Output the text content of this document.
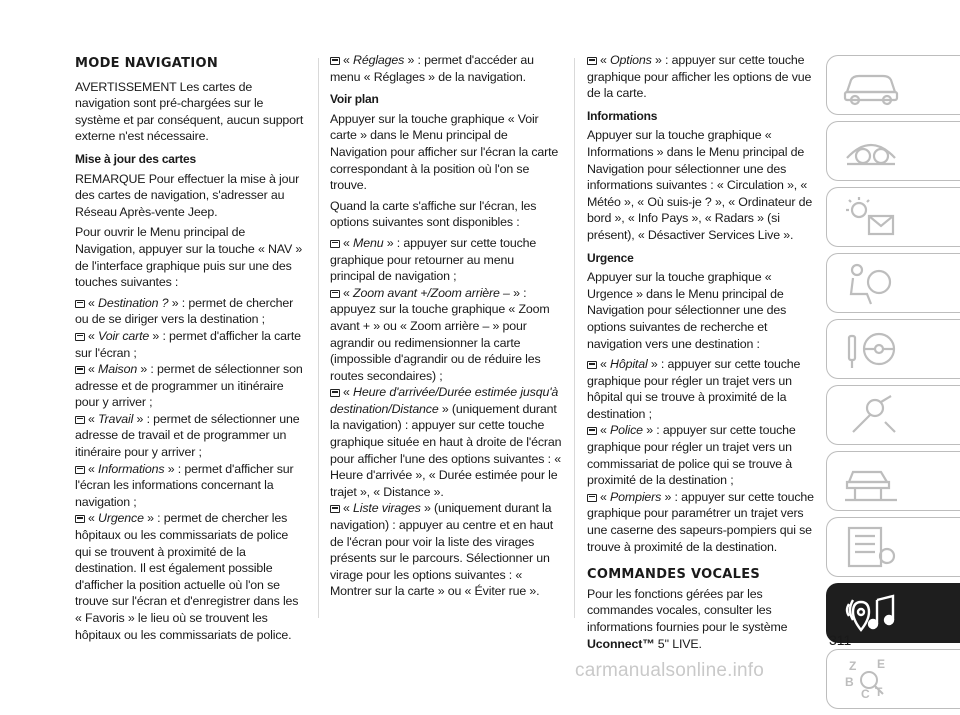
MODE NAVIGATION

AVERTISSEMENT Les cartes de navigation sont pré-chargées sur le système et par conséquent, aucun support externe n'est nécessaire.

Mise à jour des cartes

REMARQUE Pour effectuer la mise à jour des cartes de navigation, s'adresser au Réseau Après-vente Jeep.

Pour ouvrir le Menu principal de Navigation, appuyer sur la touche « NAV » de l'interface graphique puis sur une des touches suivantes :

« Destination ? » : permet de chercher ou de se diriger vers la destination ;
« Voir carte » : permet d'afficher la carte sur l'écran ;
« Maison » : permet de sélectionner son adresse et de programmer un itinéraire pour y arriver ;
« Travail » : permet de sélectionner une adresse de travail et de programmer un itinéraire pour y arriver ;
« Informations » : permet d'afficher sur l'écran les informations concernant la navigation ;
« Urgence » : permet de chercher les hôpitaux ou les commissariats de police qui se trouvent à proximité de la destination. Il est également possible d'afficher la position actuelle où l'on se trouve sur l'écran et d'enregistrer dans les « Favoris » le lieu où se trouvent les hôpitaux ou les commissariats de police.
« Réglages » : permet d'accéder au menu « Réglages » de la navigation.
Voir plan

Appuyer sur la touche graphique « Voir carte » dans le Menu principal de Navigation pour afficher sur l'écran la carte correspondant à la position où l'on se trouve.

Quand la carte s'affiche sur l'écran, les options suivantes sont disponibles :

« Menu » : appuyer sur cette touche graphique pour retourner au menu principal de navigation ;
« Zoom avant +/Zoom arrière – » : appuyez sur la touche graphique « Zoom avant + » ou « Zoom arrière – » pour agrandir ou redimensionner la carte (impossible d'agrandir ou de réduire les routes secondaires) ;
« Heure d'arrivée/Durée estimée jusqu'à destination/Distance » (uniquement durant la navigation) : appuyer sur cette touche graphique située en haut à droite de l'écran pour afficher l'une des options suivantes : « Heure d'arrivée », « Durée estimée pour le trajet », « Distance ».
« Liste virages » (uniquement durant la navigation) : appuyer au centre et en haut de l'écran pour voir la liste des virages présents sur le parcours. Sélectionner un virage pour les options suivantes : « Montrer sur la carte » ou « Éviter rue ».
« Options » : appuyer sur cette touche graphique pour afficher les options de vue de la carte.
Informations

Appuyer sur la touche graphique « Informations » dans le Menu principal de Navigation pour sélectionner une des informations suivantes : « Circulation », « Météo », « Où suis-je ? », « Ordinateur de bord », « Info Pays », « Radars » (si présent), « Désactiver Services Live ».

Urgence

Appuyer sur la touche graphique « Urgence » dans le Menu principal de Navigation pour sélectionner une des options suivantes de recherche et navigation vers une destination :

« Hôpital » : appuyer sur cette touche graphique pour régler un trajet vers un hôpital qui se trouve à proximité de la destination ;
« Police » : appuyer sur cette touche graphique pour régler un trajet vers un commissariat de police qui se trouve à proximité de la destination ;
« Pompiers » : appuyer sur cette touche graphique pour paramétrer un trajet vers une caserne des sapeurs-pompiers qui se trouve à proximité de la destination.
COMMANDES VOCALES

Pour les fonctions gérées par les commandes vocales, consulter les informations fournies pour le système
Uconnect™ 5'' LIVE.

Z E
B
C T
311
carmanualsonline.info
